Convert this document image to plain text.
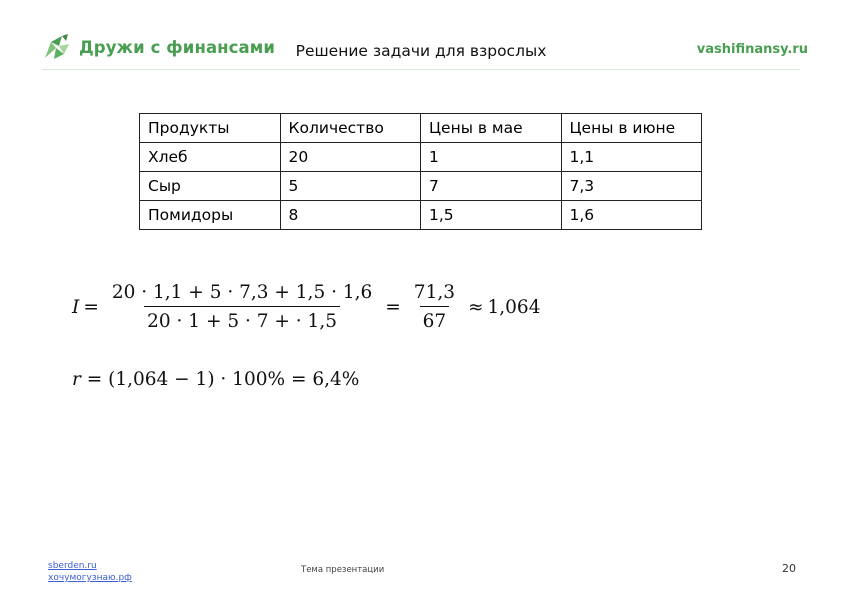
Дружи с финансами	Решение задачи для взрослых	vashifinansy.ru
Продукты	Количество	Цены в мае	Цены в июне
Хлеб	20	1	1,1
Сыр	5	7	7,3
Помидоры	8	1,5	1,6
$I = \frac{20 \cdot 1,1 + 5 \cdot 7,3 + 1,5 \cdot 1,6}{20 \cdot 1 + 5 \cdot 7 + \cdot 1,5} = \frac{71,3}{67} \approx 1,064$
r = (1,064 − 1) · 100% = 6,4%
sberden.ru
хочумогузнаю.рф
Тема презентации	20
